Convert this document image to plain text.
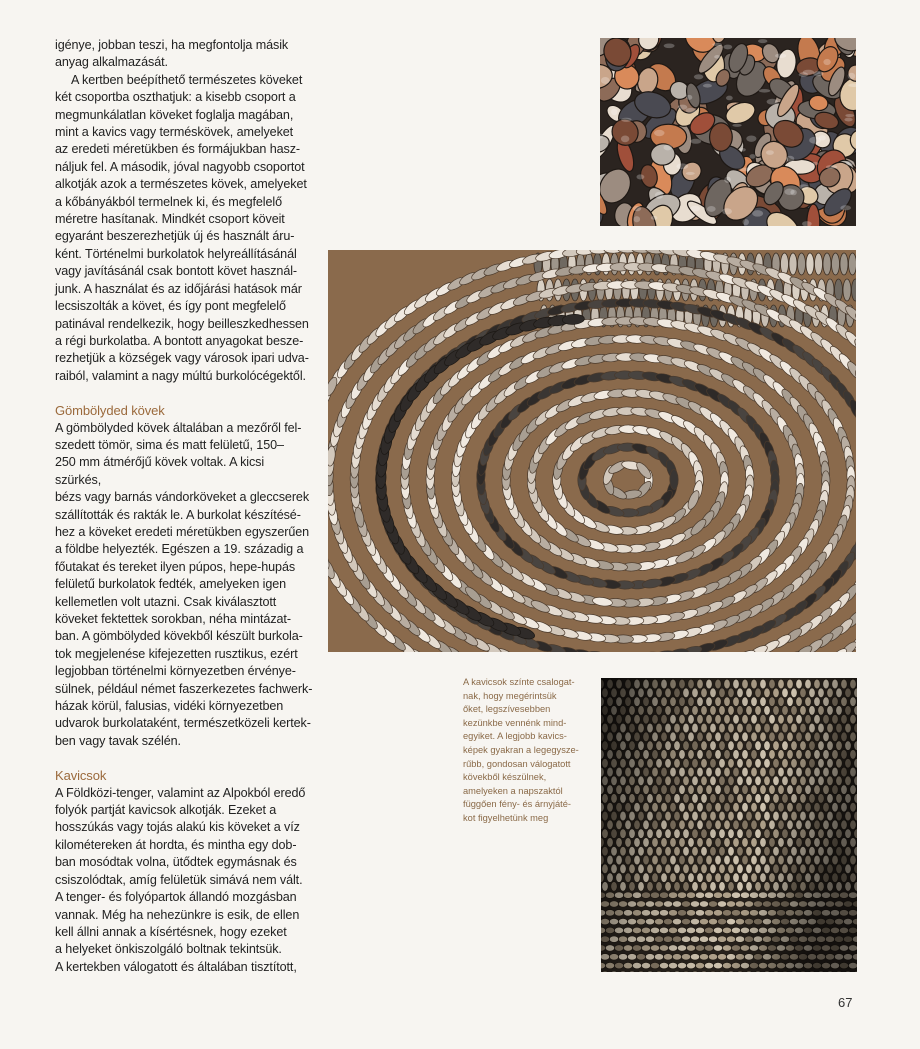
igénye, jobban teszi, ha megfontolja másik
anyag alkalmazását.

A kertben beépíthető természetes köveket
két csoportba oszthatjuk: a kisebb csoport a
megmunkálatlan köveket foglalja magában,
mint a kavics vagy terméskövek, amelyeket
az eredeti méretükben és formájukban hasz-
náljuk fel. A második, jóval nagyobb csoportot
alkotják azok a természetes kövek, amelyeket
a kőbányákból termelnek ki, és megfelelő
méretre hasítanak. Mindkét csoport köveit
egyaránt beszerezhetjük új és használt áru-
ként. Történelmi burkolatok helyreállításánál
vagy javításánál csak bontott követ használ-
junk. A használat és az időjárási hatások már
lecsiszolták a követ, és így pont megfelelő
patinával rendelkezik, hogy beilleszkedhessen
a régi burkolatba. A bontott anyagokat besze-
rezhetjük a községek vagy városok ipari udva-
raiból, valamint a nagy múltú burkolócégektől.

Gömbölyded kövek

A gömbölyded kövek általában a mezőről fel-
szedett tömör, sima és matt felületű, 150–
250 mm átmérőjű kövek voltak. A kicsi szürkés,
bézs vagy barnás vándorköveket a gleccserek
szállították és rakták le. A burkolat készítésé-
hez a köveket eredeti méretükben egyszerűen
a földbe helyezték. Egészen a 19. századig a
főutakat és tereket ilyen púpos, hepe-hupás
felületű burkolatok fedték, amelyeken igen
kellemetlen volt utazni. Csak kiválasztott
köveket fektettek sorokban, néha mintázat-
ban. A gömbölyded kövekből készült burkola-
tok megjelenése kifejezetten rusztikus, ezért
legjobban történelmi környezetben érvénye-
sülnek, például német faszerkezetes fachwerk-
házak körül, falusias, vidéki környezetben
udvarok burkolataként, természetközeli kertek-
ben vagy tavak szélén.

Kavicsok

A Földközi-tenger, valamint az Alpokból eredő
folyók partját kavicsok alkotják. Ezeket a
hosszúkás vagy tojás alakú kis köveket a víz
kilométereken át hordta, és mintha egy dob-
ban mosódtak volna, ütődtek egymásnak és
csiszolódtak, amíg felületük simává nem vált.
A tenger- és folyópartok állandó mozgásban
vannak. Még ha nehezünkre is esik, de ellen
kell állni annak a kísértésnek, hogy ezeket
a helyeket önkiszolgáló boltnak tekintsük.
A kertekben válogatott és általában tisztított,

A kavicsok színte csalogat-
nak, hogy megérintsük
őket, legszívesebben
kezünkbe vennénk mind-
egyiket. A legjobb kavics-
képek gyakran a legegysze-
rűbb, gondosan válogatott
kövekből készülnek,
amelyeken a napszaktól
függően fény- és árnyjáté-
kot figyelhetünk meg
67
